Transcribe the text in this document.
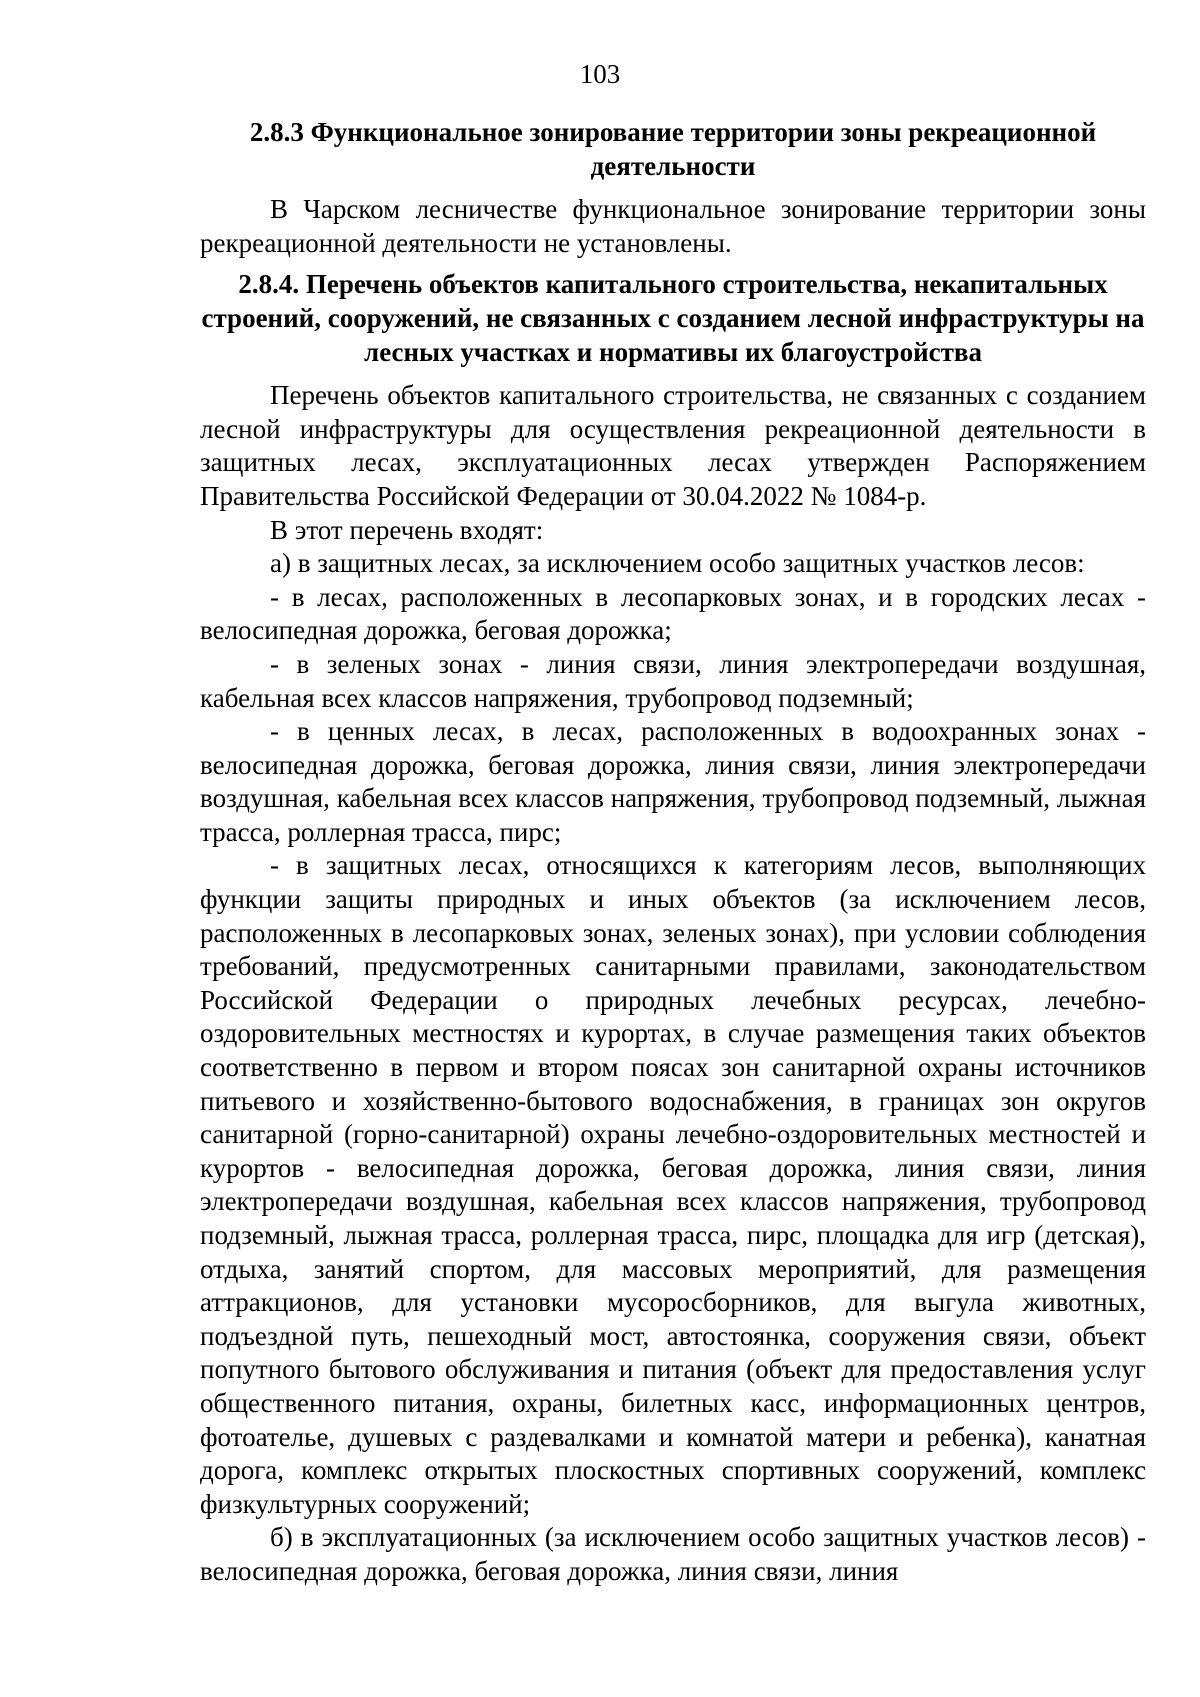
103

2.8.3 Функциональное зонирование территории зоны рекреационной деятельности

В Чарском лесничестве функциональное зонирование территории зоны рекреационной деятельности не установлены.

2.8.4. Перечень объектов капитального строительства, некапитальных строений, сооружений, не связанных с созданием лесной инфраструктуры на лесных участках и нормативы их благоустройства

Перечень объектов капитального строительства, не связанных с созданием лесной инфраструктуры для осуществления рекреационной деятельности в защитных лесах, эксплуатационных лесах утвержден Распоряжением Правительства Российской Федерации от 30.04.2022 № 1084-р.

В этот перечень входят:

а) в защитных лесах, за исключением особо защитных участков лесов:

- в лесах, расположенных в лесопарковых зонах, и в городских лесах - велосипедная дорожка, беговая дорожка;

- в зеленых зонах - линия связи, линия электропередачи воздушная, кабельная всех классов напряжения, трубопровод подземный;

- в ценных лесах, в лесах, расположенных в водоохранных зонах - велосипедная дорожка, беговая дорожка, линия связи, линия электропередачи воздушная, кабельная всех классов напряжения, трубопровод подземный, лыжная трасса, роллерная трасса, пирс;

- в защитных лесах, относящихся к категориям лесов, выполняющих функции защиты природных и иных объектов (за исключением лесов, расположенных в лесопарковых зонах, зеленых зонах), при условии соблюдения требований, предусмотренных санитарными правилами, законодательством Российской Федерации о природных лечебных ресурсах, лечебно-оздоровительных местностях и курортах, в случае размещения таких объектов соответственно в первом и втором поясах зон санитарной охраны источников питьевого и хозяйственно-бытового водоснабжения, в границах зон округов санитарной (горно-санитарной) охраны лечебно-оздоровительных местностей и курортов - велосипедная дорожка, беговая дорожка, линия связи, линия электропередачи воздушная, кабельная всех классов напряжения, трубопровод подземный, лыжная трасса, роллерная трасса, пирс, площадка для игр (детская), отдыха, занятий спортом, для массовых мероприятий, для размещения аттракционов, для установки мусоросборников, для выгула животных, подъездной путь, пешеходный мост, автостоянка, сооружения связи, объект попутного бытового обслуживания и питания (объект для предоставления услуг общественного питания, охраны, билетных касс, информационных центров, фотоателье, душевых с раздевалками и комнатой матери и ребенка), канатная дорога, комплекс открытых плоскостных спортивных сооружений, комплекс физкультурных сооружений;

б) в эксплуатационных (за исключением особо защитных участков лесов) - велосипедная дорожка, беговая дорожка, линия связи, линия
